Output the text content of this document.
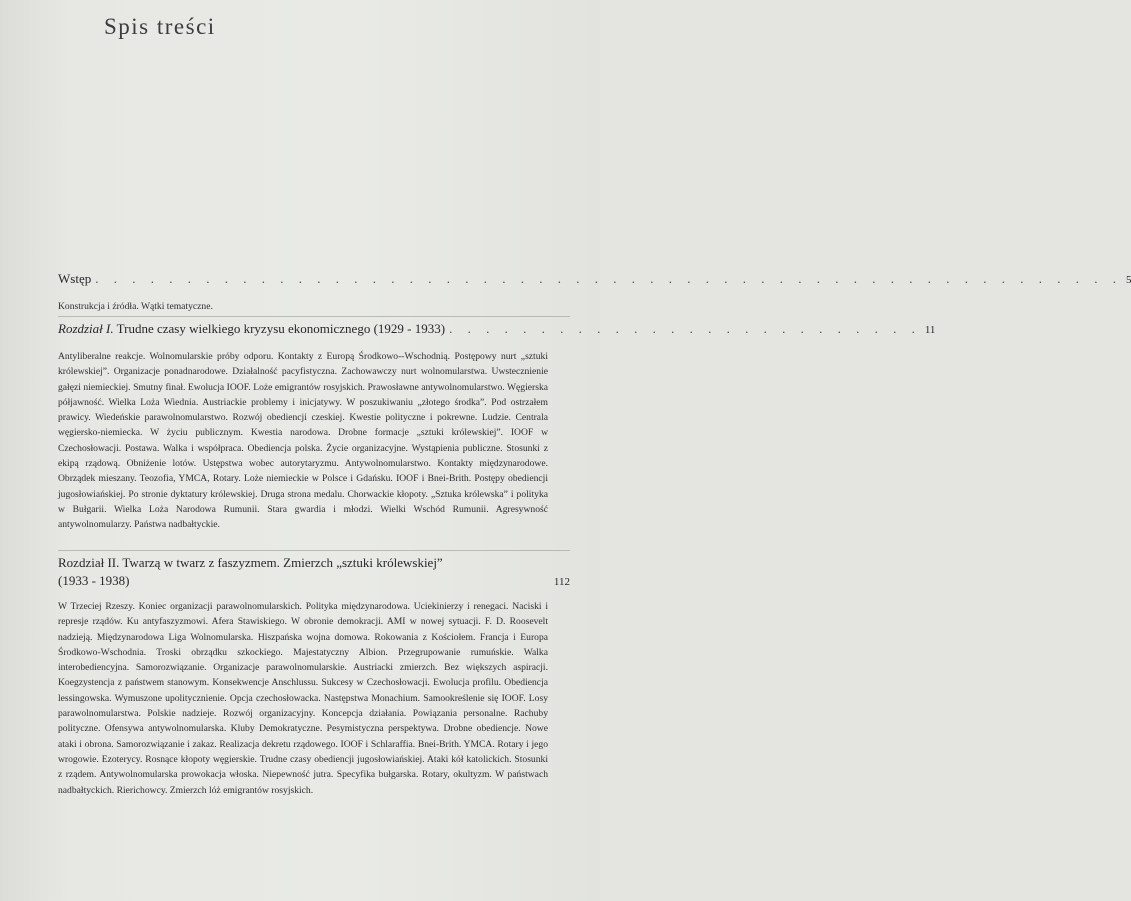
Spis treści
Wstęp . . . . . . . . . . . . . . . . . . . . . . . . . . . . . . . . . . . . . . . . . . . . . . . . . . . . . . . . 5
Konstrukcja i źródła. Wątki tematyczne.
Rozdział I. Trudne czasy wielkiego kryzysu ekonomicznego (1929 - 1933) . . . . . . . . . . . . . . . . . . . . . . . . . . 11
Antyliberalne reakcje. Wolnomularskie próby odporu. Kontakty z Europą Środkowo--Wschodnią. Postępowy nurt „sztuki królewskiej”. Organizacje ponadnarodowe. Działalność pacyfistyczna. Zachowawczy nurt wolnomularstwa. Uwstecznienie gałęzi niemieckiej. Smutny finał. Ewolucja IOOF. Loże emigrantów rosyjskich. Prawosławne antywolnomularstwo. Węgierska półjawność. Wielka Loża Wiednia. Austriackie problemy i inicjatywy. W poszukiwaniu „złotego środka”. Pod ostrzałem prawicy. Wiedeńskie parawolnomularstwo. Rozwój obediencji czeskiej. Kwestie polityczne i pokrewne. Ludzie. Centrala węgiersko-niemiecka. W życiu publicznym. Kwestia narodowa. Drobne formacje „sztuki królewskiej”. IOOF w Czechosłowacji. Postawa. Walka i współpraca. Obediencja polska. Życie organizacyjne. Wystąpienia publiczne. Stosunki z ekipą rządową. Obniżenie lotów. Ustępstwa wobec autorytaryzmu. Antywolnomularstwo. Kontakty międzynarodowe. Obrządek mieszany. Teozofia, YMCA, Rotary. Loże niemieckie w Polsce i Gdańsku. IOOF i Bnei-Brith. Postępy obediencji jugosłowiańskiej. Po stronie dyktatury królewskiej. Druga strona medalu. Chorwackie kłopoty. „Sztuka królewska” i polityka w Bułgarii. Wielka Loża Narodowa Rumunii. Stara gwardia i młodzi. Wielki Wschód Rumunii. Agresywność antywolnomularzy. Państwa nadbałtyckie.
Rozdział II. Twarzą w twarz z faszyzmem. Zmierzch „sztuki królewskiej”
(1933 - 1938)	112
W Trzeciej Rzeszy. Koniec organizacji parawolnomularskich. Polityka międzynarodowa. Uciekinierzy i renegaci. Naciski i represje rządów. Ku antyfaszyzmowi. Afera Stawiskiego. W obronie demokracji. AMI w nowej sytuacji. F. D. Roosevelt nadzieją. Międzynarodowa Liga Wolnomularska. Hiszpańska wojna domowa. Rokowania z Kościołem. Francja i Europa Środkowo-Wschodnia. Troski obrządku szkockiego. Majestatyczny Albion. Przegrupowanie rumuńskie. Walka interobediencyjna. Samorozwiązanie. Organizacje parawolnomularskie. Austriacki zmierzch. Bez większych aspiracji. Koegzystencja z państwem stanowym. Konsekwencje Anschlussu. Sukcesy w Czechosłowacji. Ewolucja profilu. Obediencja lessingowska. Wymuszone upolitycznienie. Opcja czechosłowacka. Następstwa Monachium. Samookreślenie się IOOF. Losy parawolnomularstwa. Polskie nadzieje. Rozwój organizacyjny. Koncepcja działania. Powiązania personalne. Rachuby polityczne. Ofensywa antywolnomularska. Kluby Demokratyczne. Pesymistyczna perspektywa. Drobne obediencje. Nowe ataki i obrona. Samorozwiązanie i zakaz. Realizacja dekretu rządowego. IOOF i Schlaraffia. Bnei-Brith. YMCA. Rotary i jego wrogowie. Ezoterycy. Rosnące kłopoty węgierskie. Trudne czasy obediencji jugosłowiańskiej. Ataki kół katolickich. Stosunki z rządem. Antywolnomularska prowokacja włoska. Niepewność jutra. Specyfika bułgarska. Rotary, okultyzm. W państwach nadbałtyckich. Rierichowcy. Zmierzch lóż emigrantów rosyjskich.
